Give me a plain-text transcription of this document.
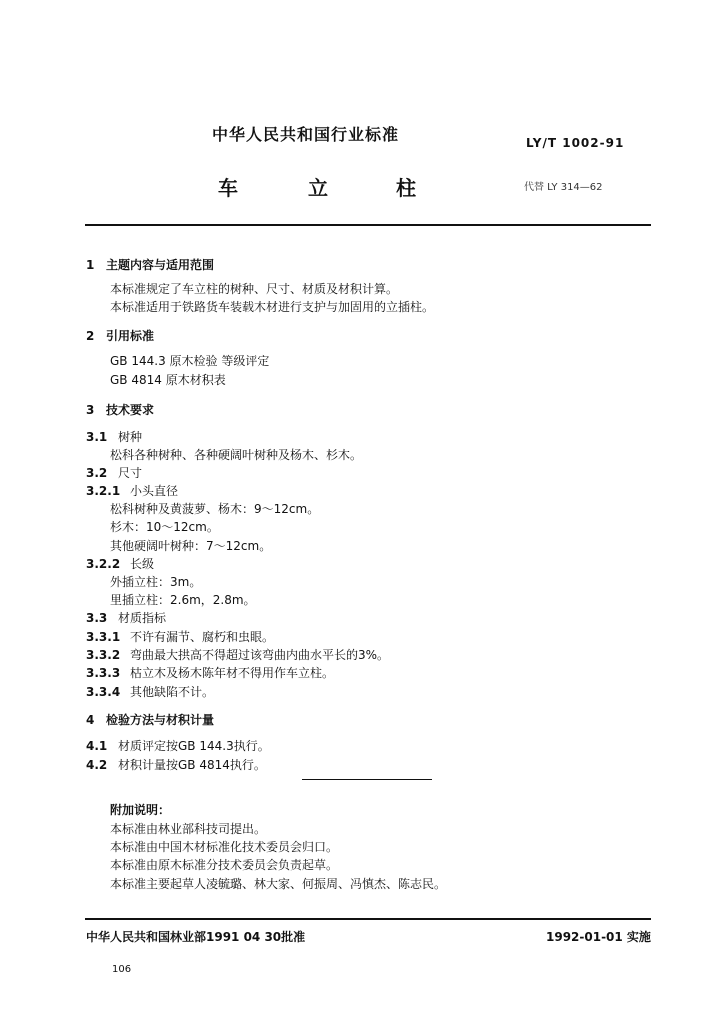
中华人民共和国行业标准	LY/T 1002-91
车	立	柱	代替 LY 314—62
1 主题内容与适用范围
本标准规定了车立柱的树种、尺寸、材质及材积计算。
本标准适用于铁路货车装载木材进行支护与加固用的立插柱。
2 引用标准
GB 144.3 原木检验 等级评定
GB 4814 原木材积表
3 技术要求
3.1 树种
松科各种树种、各种硬阔叶树种及杨木、杉木。
3.2 尺寸
3.2.1 小头直径
松科树种及黄菠萝、杨木：9～12cm。
杉木：10～12cm。
其他硬阔叶树种：7～12cm。
3.2.2 长级
外插立柱：3m。
里插立柱：2.6m，2.8m。
3.3 材质指标
3.3.1 不许有漏节、腐朽和虫眼。
3.3.2 弯曲最大拱高不得超过该弯曲内曲水平长的3%。
3.3.3 枯立木及杨木陈年材不得用作车立柱。
3.3.4 其他缺陷不计。
4 检验方法与材积计量
4.1 材质评定按GB 144.3执行。
4.2 材积计量按GB 4814执行。
附加说明：
本标准由林业部科技司提出。
本标准由中国木材标准化技术委员会归口。
本标准由原木标准分技术委员会负责起草。
本标准主要起草人凌毓璐、林大家、何振周、冯慎杰、陈志民。
中华人民共和国林业部1991 04 30批准	1992-01-01 实施
106
